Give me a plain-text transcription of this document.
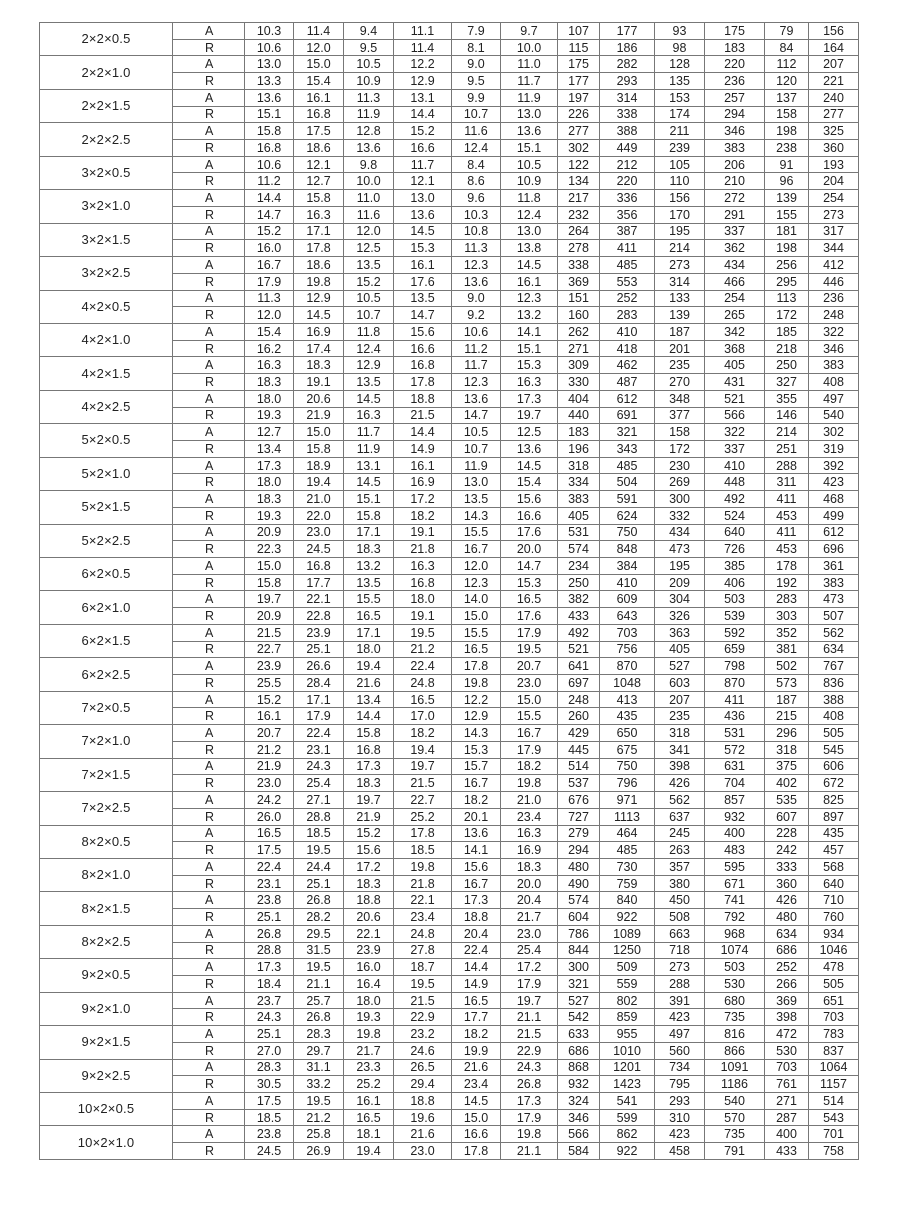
2×2×0.5	A	10.3	11.4	9.4	11.1	7.9	9.7	107	177	93	175	79	156
	R	10.6	12.0	9.5	11.4	8.1	10.0	115	186	98	183	84	164
2×2×1.0	A	13.0	15.0	10.5	12.2	9.0	11.0	175	282	128	220	112	207
	R	13.3	15.4	10.9	12.9	9.5	11.7	177	293	135	236	120	221
2×2×1.5	A	13.6	16.1	11.3	13.1	9.9	11.9	197	314	153	257	137	240
	R	15.1	16.8	11.9	14.4	10.7	13.0	226	338	174	294	158	277
2×2×2.5	A	15.8	17.5	12.8	15.2	11.6	13.6	277	388	211	346	198	325
	R	16.8	18.6	13.6	16.6	12.4	15.1	302	449	239	383	238	360
3×2×0.5	A	10.6	12.1	9.8	11.7	8.4	10.5	122	212	105	206	91	193
	R	11.2	12.7	10.0	12.1	8.6	10.9	134	220	110	210	96	204
3×2×1.0	A	14.4	15.8	11.0	13.0	9.6	11.8	217	336	156	272	139	254
	R	14.7	16.3	11.6	13.6	10.3	12.4	232	356	170	291	155	273
3×2×1.5	A	15.2	17.1	12.0	14.5	10.8	13.0	264	387	195	337	181	317
	R	16.0	17.8	12.5	15.3	11.3	13.8	278	411	214	362	198	344
3×2×2.5	A	16.7	18.6	13.5	16.1	12.3	14.5	338	485	273	434	256	412
	R	17.9	19.8	15.2	17.6	13.6	16.1	369	553	314	466	295	446
4×2×0.5	A	11.3	12.9	10.5	13.5	9.0	12.3	151	252	133	254	113	236
	R	12.0	14.5	10.7	14.7	9.2	13.2	160	283	139	265	172	248
4×2×1.0	A	15.4	16.9	11.8	15.6	10.6	14.1	262	410	187	342	185	322
	R	16.2	17.4	12.4	16.6	11.2	15.1	271	418	201	368	218	346
4×2×1.5	A	16.3	18.3	12.9	16.8	11.7	15.3	309	462	235	405	250	383
	R	18.3	19.1	13.5	17.8	12.3	16.3	330	487	270	431	327	408
4×2×2.5	A	18.0	20.6	14.5	18.8	13.6	17.3	404	612	348	521	355	497
	R	19.3	21.9	16.3	21.5	14.7	19.7	440	691	377	566	146	540
5×2×0.5	A	12.7	15.0	11.7	14.4	10.5	12.5	183	321	158	322	214	302
	R	13.4	15.8	11.9	14.9	10.7	13.6	196	343	172	337	251	319
5×2×1.0	A	17.3	18.9	13.1	16.1	11.9	14.5	318	485	230	410	288	392
	R	18.0	19.4	14.5	16.9	13.0	15.4	334	504	269	448	311	423
5×2×1.5	A	18.3	21.0	15.1	17.2	13.5	15.6	383	591	300	492	411	468
	R	19.3	22.0	15.8	18.2	14.3	16.6	405	624	332	524	453	499
5×2×2.5	A	20.9	23.0	17.1	19.1	15.5	17.6	531	750	434	640	411	612
	R	22.3	24.5	18.3	21.8	16.7	20.0	574	848	473	726	453	696
6×2×0.5	A	15.0	16.8	13.2	16.3	12.0	14.7	234	384	195	385	178	361
	R	15.8	17.7	13.5	16.8	12.3	15.3	250	410	209	406	192	383
6×2×1.0	A	19.7	22.1	15.5	18.0	14.0	16.5	382	609	304	503	283	473
	R	20.9	22.8	16.5	19.1	15.0	17.6	433	643	326	539	303	507
6×2×1.5	A	21.5	23.9	17.1	19.5	15.5	17.9	492	703	363	592	352	562
	R	22.7	25.1	18.0	21.2	16.5	19.5	521	756	405	659	381	634
6×2×2.5	A	23.9	26.6	19.4	22.4	17.8	20.7	641	870	527	798	502	767
	R	25.5	28.4	21.6	24.8	19.8	23.0	697	1048	603	870	573	836
7×2×0.5	A	15.2	17.1	13.4	16.5	12.2	15.0	248	413	207	411	187	388
	R	16.1	17.9	14.4	17.0	12.9	15.5	260	435	235	436	215	408
7×2×1.0	A	20.7	22.4	15.8	18.2	14.3	16.7	429	650	318	531	296	505
	R	21.2	23.1	16.8	19.4	15.3	17.9	445	675	341	572	318	545
7×2×1.5	A	21.9	24.3	17.3	19.7	15.7	18.2	514	750	398	631	375	606
	R	23.0	25.4	18.3	21.5	16.7	19.8	537	796	426	704	402	672
7×2×2.5	A	24.2	27.1	19.7	22.7	18.2	21.0	676	971	562	857	535	825
	R	26.0	28.8	21.9	25.2	20.1	23.4	727	1113	637	932	607	897
8×2×0.5	A	16.5	18.5	15.2	17.8	13.6	16.3	279	464	245	400	228	435
	R	17.5	19.5	15.6	18.5	14.1	16.9	294	485	263	483	242	457
8×2×1.0	A	22.4	24.4	17.2	19.8	15.6	18.3	480	730	357	595	333	568
	R	23.1	25.1	18.3	21.8	16.7	20.0	490	759	380	671	360	640
8×2×1.5	A	23.8	26.8	18.8	22.1	17.3	20.4	574	840	450	741	426	710
	R	25.1	28.2	20.6	23.4	18.8	21.7	604	922	508	792	480	760
8×2×2.5	A	26.8	29.5	22.1	24.8	20.4	23.0	786	1089	663	968	634	934
	R	28.8	31.5	23.9	27.8	22.4	25.4	844	1250	718	1074	686	1046
9×2×0.5	A	17.3	19.5	16.0	18.7	14.4	17.2	300	509	273	503	252	478
	R	18.4	21.1	16.4	19.5	14.9	17.9	321	559	288	530	266	505
9×2×1.0	A	23.7	25.7	18.0	21.5	16.5	19.7	527	802	391	680	369	651
	R	24.3	26.8	19.3	22.9	17.7	21.1	542	859	423	735	398	703
9×2×1.5	A	25.1	28.3	19.8	23.2	18.2	21.5	633	955	497	816	472	783
	R	27.0	29.7	21.7	24.6	19.9	22.9	686	1010	560	866	530	837
9×2×2.5	A	28.3	31.1	23.3	26.5	21.6	24.3	868	1201	734	1091	703	1064
	R	30.5	33.2	25.2	29.4	23.4	26.8	932	1423	795	1186	761	1157
10×2×0.5	A	17.5	19.5	16.1	18.8	14.5	17.3	324	541	293	540	271	514
	R	18.5	21.2	16.5	19.6	15.0	17.9	346	599	310	570	287	543
10×2×1.0	A	23.8	25.8	18.1	21.6	16.6	19.8	566	862	423	735	400	701
	R	24.5	26.9	19.4	23.0	17.8	21.1	584	922	458	791	433	758
